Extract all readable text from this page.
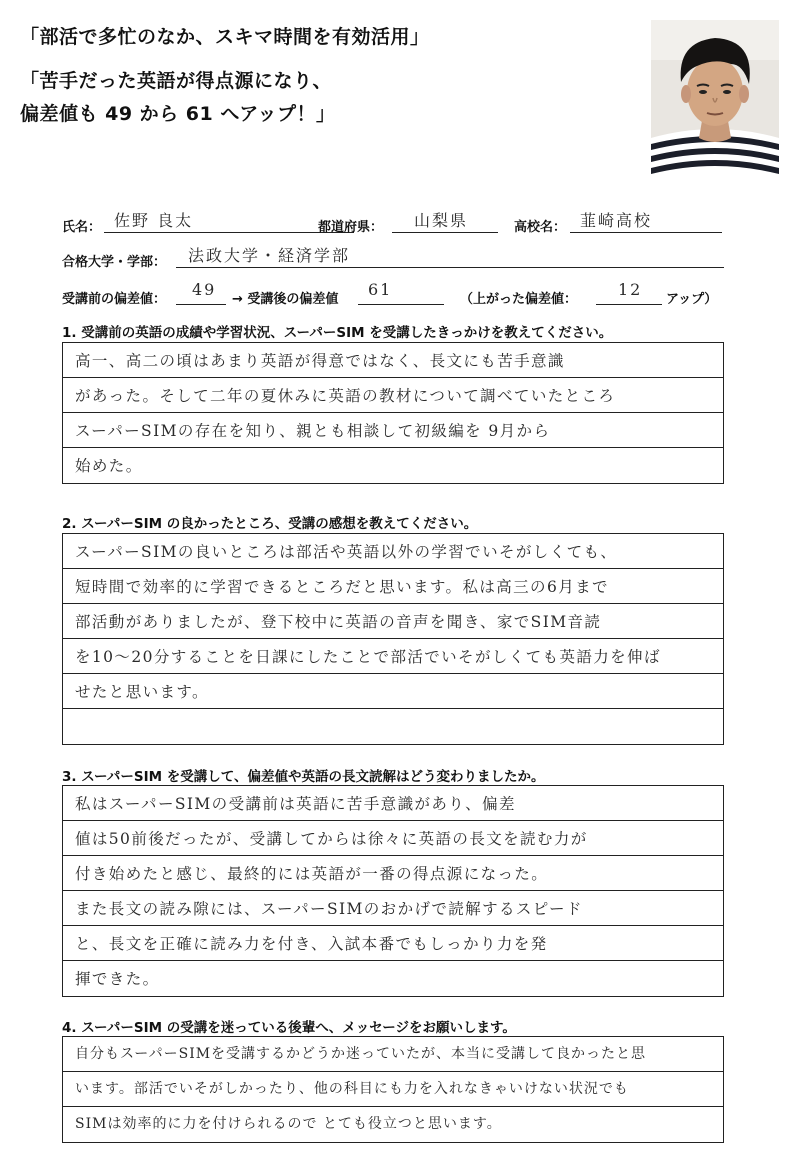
「部活で多忙のなか、スキマ時間を有効活用」
「苦手だった英語が得点源になり、
偏差値も 49 から 61 へアップ！」
氏名： 佐野 良太	都道府県： 山梨県	高校名： 韮崎高校
合格大学・学部： 法政大学・経済学部
受講前の偏差値：
49
→ 受講後の偏差値
61
（上がった偏差値：
12
アップ）
1. 受講前の英語の成績や学習状況、スーパーSIM を受講したきっかけを教えてください。
高一、高二の頃はあまり英語が得意ではなく、長文にも苦手意識
があった。そして二年の夏休みに英語の教材について調べていたところ
スーパーSIMの存在を知り、親とも相談して初級編を 9月から
始めた。
2. スーパーSIM の良かったところ、受講の感想を教えてください。
スーパーSIMの良いところは部活や英語以外の学習でいそがしくても、
短時間で効率的に学習できるところだと思います。私は高三の6月まで
部活動がありましたが、登下校中に英語の音声を聞き、家でSIM音読
を10～20分することを日課にしたことで部活でいそがしくても英語力を伸ば
せたと思います。
3. スーパーSIM を受講して、偏差値や英語の長文読解はどう変わりましたか。
私はスーパーSIMの受講前は英語に苦手意識があり、偏差
値は50前後だったが、受講してからは徐々に英語の長文を読む力が
付き始めたと感じ、最終的には英語が一番の得点源になった。
また長文の読み隙には、スーパーSIMのおかげで読解するスピード
と、長文を正確に読み力を付き、入試本番でもしっかり力を発
揮できた。
4. スーパーSIM の受講を迷っている後輩へ、メッセージをお願いします。
自分もスーパーSIMを受講するかどうか迷っていたが、本当に受講して良かったと思
います。部活でいそがしかったり、他の科目にも力を入れなきゃいけない状況でも
SIMは効率的に力を付けられるので とても役立つと思います。
